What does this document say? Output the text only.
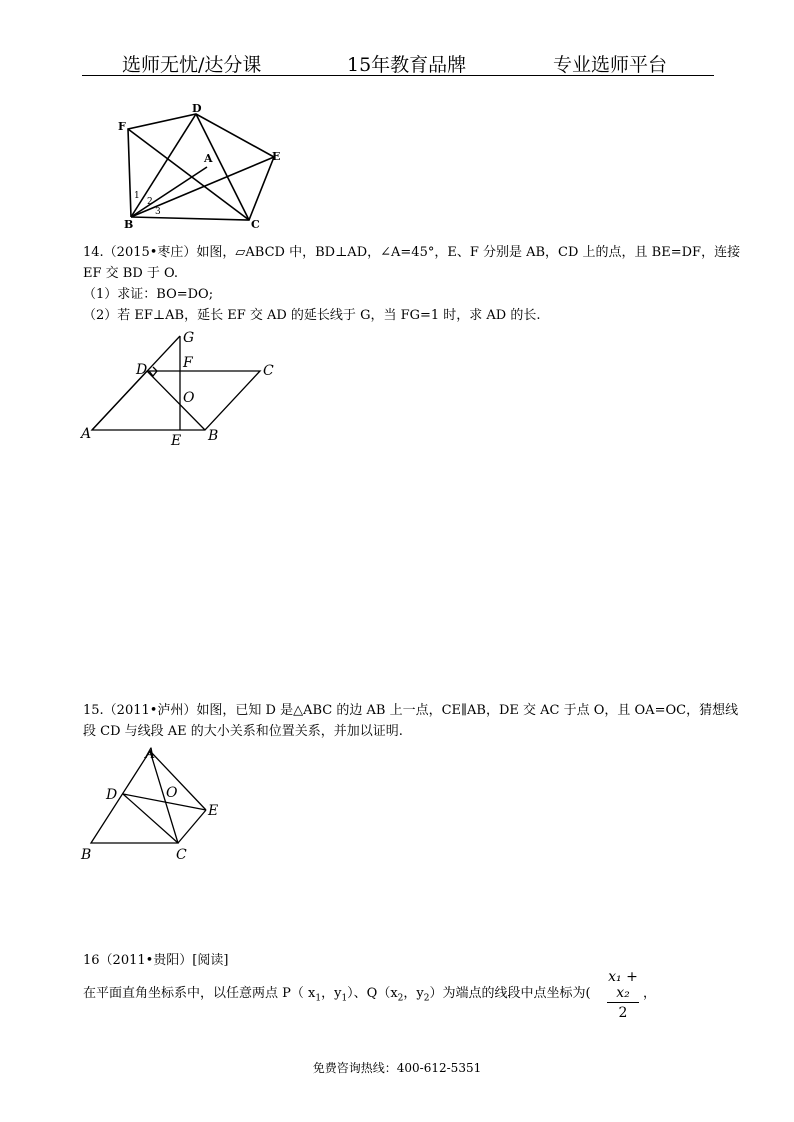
选师无忧/达分课	15年教育品牌	专业选师平台
D
F
E
A
B	C
1
2
3
14.（2015•枣庄）如图，▱ABCD 中，BD⊥AD，∠A=45°，E、F 分别是 AB，CD 上的点，且 BE=DF，连接
EF 交 BD 于 O.
（1）求证：BO=DO;
（2）若 EF⊥AB，延长 EF 交 AD 的延长线于 G，当 FG=1 时，求 AD 的长.
G
D	F	C
O
A	E B
15.（2011•泸州）如图，已知 D 是△ABC 的边 AB 上一点，CE∥AB，DE 交 AC 于点 O，且 OA=OC，猜想线
段 CD 与线段 AE 的大小关系和位置关系，并加以证明.
A
D	O
E
B	C
16（2011•贵阳）[阅读]
在平面直角坐标系中，以任意两点 P（ $x_1$，$y_1$）、$Q(x_2$，$y_2$）为端点的线段中点坐标为(
x₁ + x₂
2
，
免费咨询热线：400-612-5351
